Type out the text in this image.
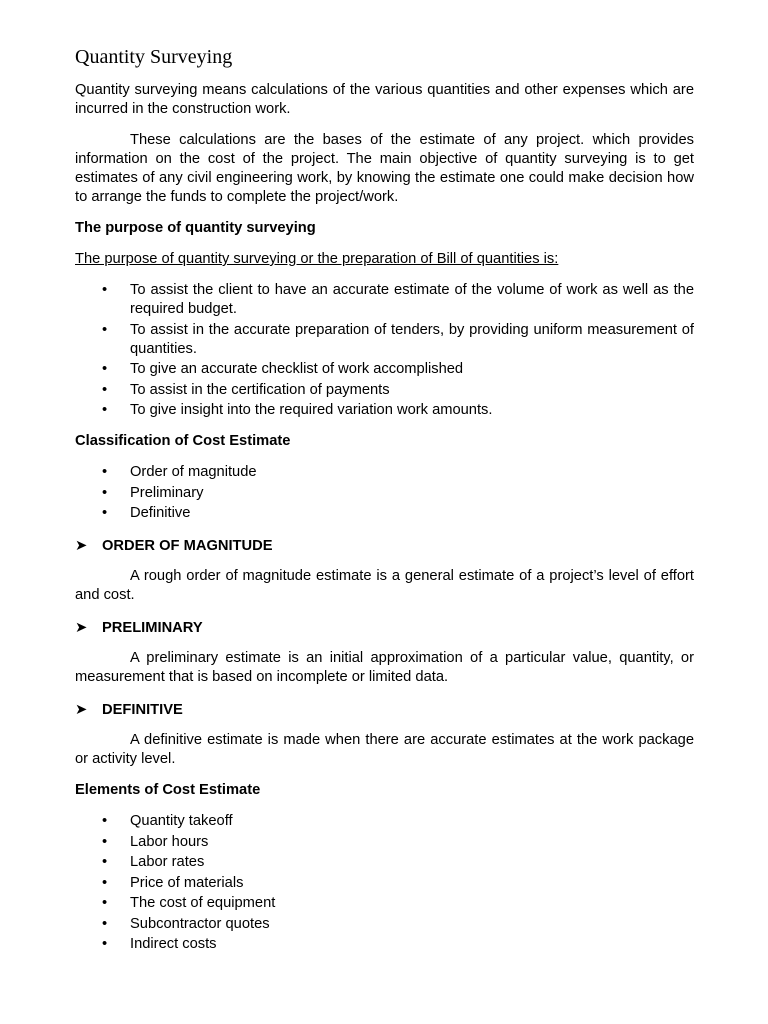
Quantity Surveying

Quantity surveying means calculations of the various quantities and other expenses which are incurred in the construction work.

These calculations are the bases of the estimate of any project. which provides information on the cost of the project. The main objective of quantity surveying is to get estimates of any civil engineering work, by knowing the estimate one could make decision how to arrange the funds to complete the project/work.

The purpose of quantity surveying
The purpose of quantity surveying or the preparation of Bill of quantities is:
• To assist the client to have an accurate estimate of the volume of work as well as the required budget.
• To assist in the accurate preparation of tenders, by providing uniform measurement of quantities.
• To give an accurate checklist of work accomplished
• To assist in the certification of payments
• To give insight into the required variation work amounts.
Classification of Cost Estimate
• Order of magnitude
• Preliminary
• Definitive
➤ ORDER OF MAGNITUDE

A rough order of magnitude estimate is a general estimate of a project’s level of effort and cost.

➤ PRELIMINARY

A preliminary estimate is an initial approximation of a particular value, quantity, or measurement that is based on incomplete or limited data.

➤ DEFINITIVE

A definitive estimate is made when there are accurate estimates at the work package or activity level.

Elements of Cost Estimate
• Quantity takeoff
• Labor hours
• Labor rates
• Price of materials
• The cost of equipment
• Subcontractor quotes
• Indirect costs
